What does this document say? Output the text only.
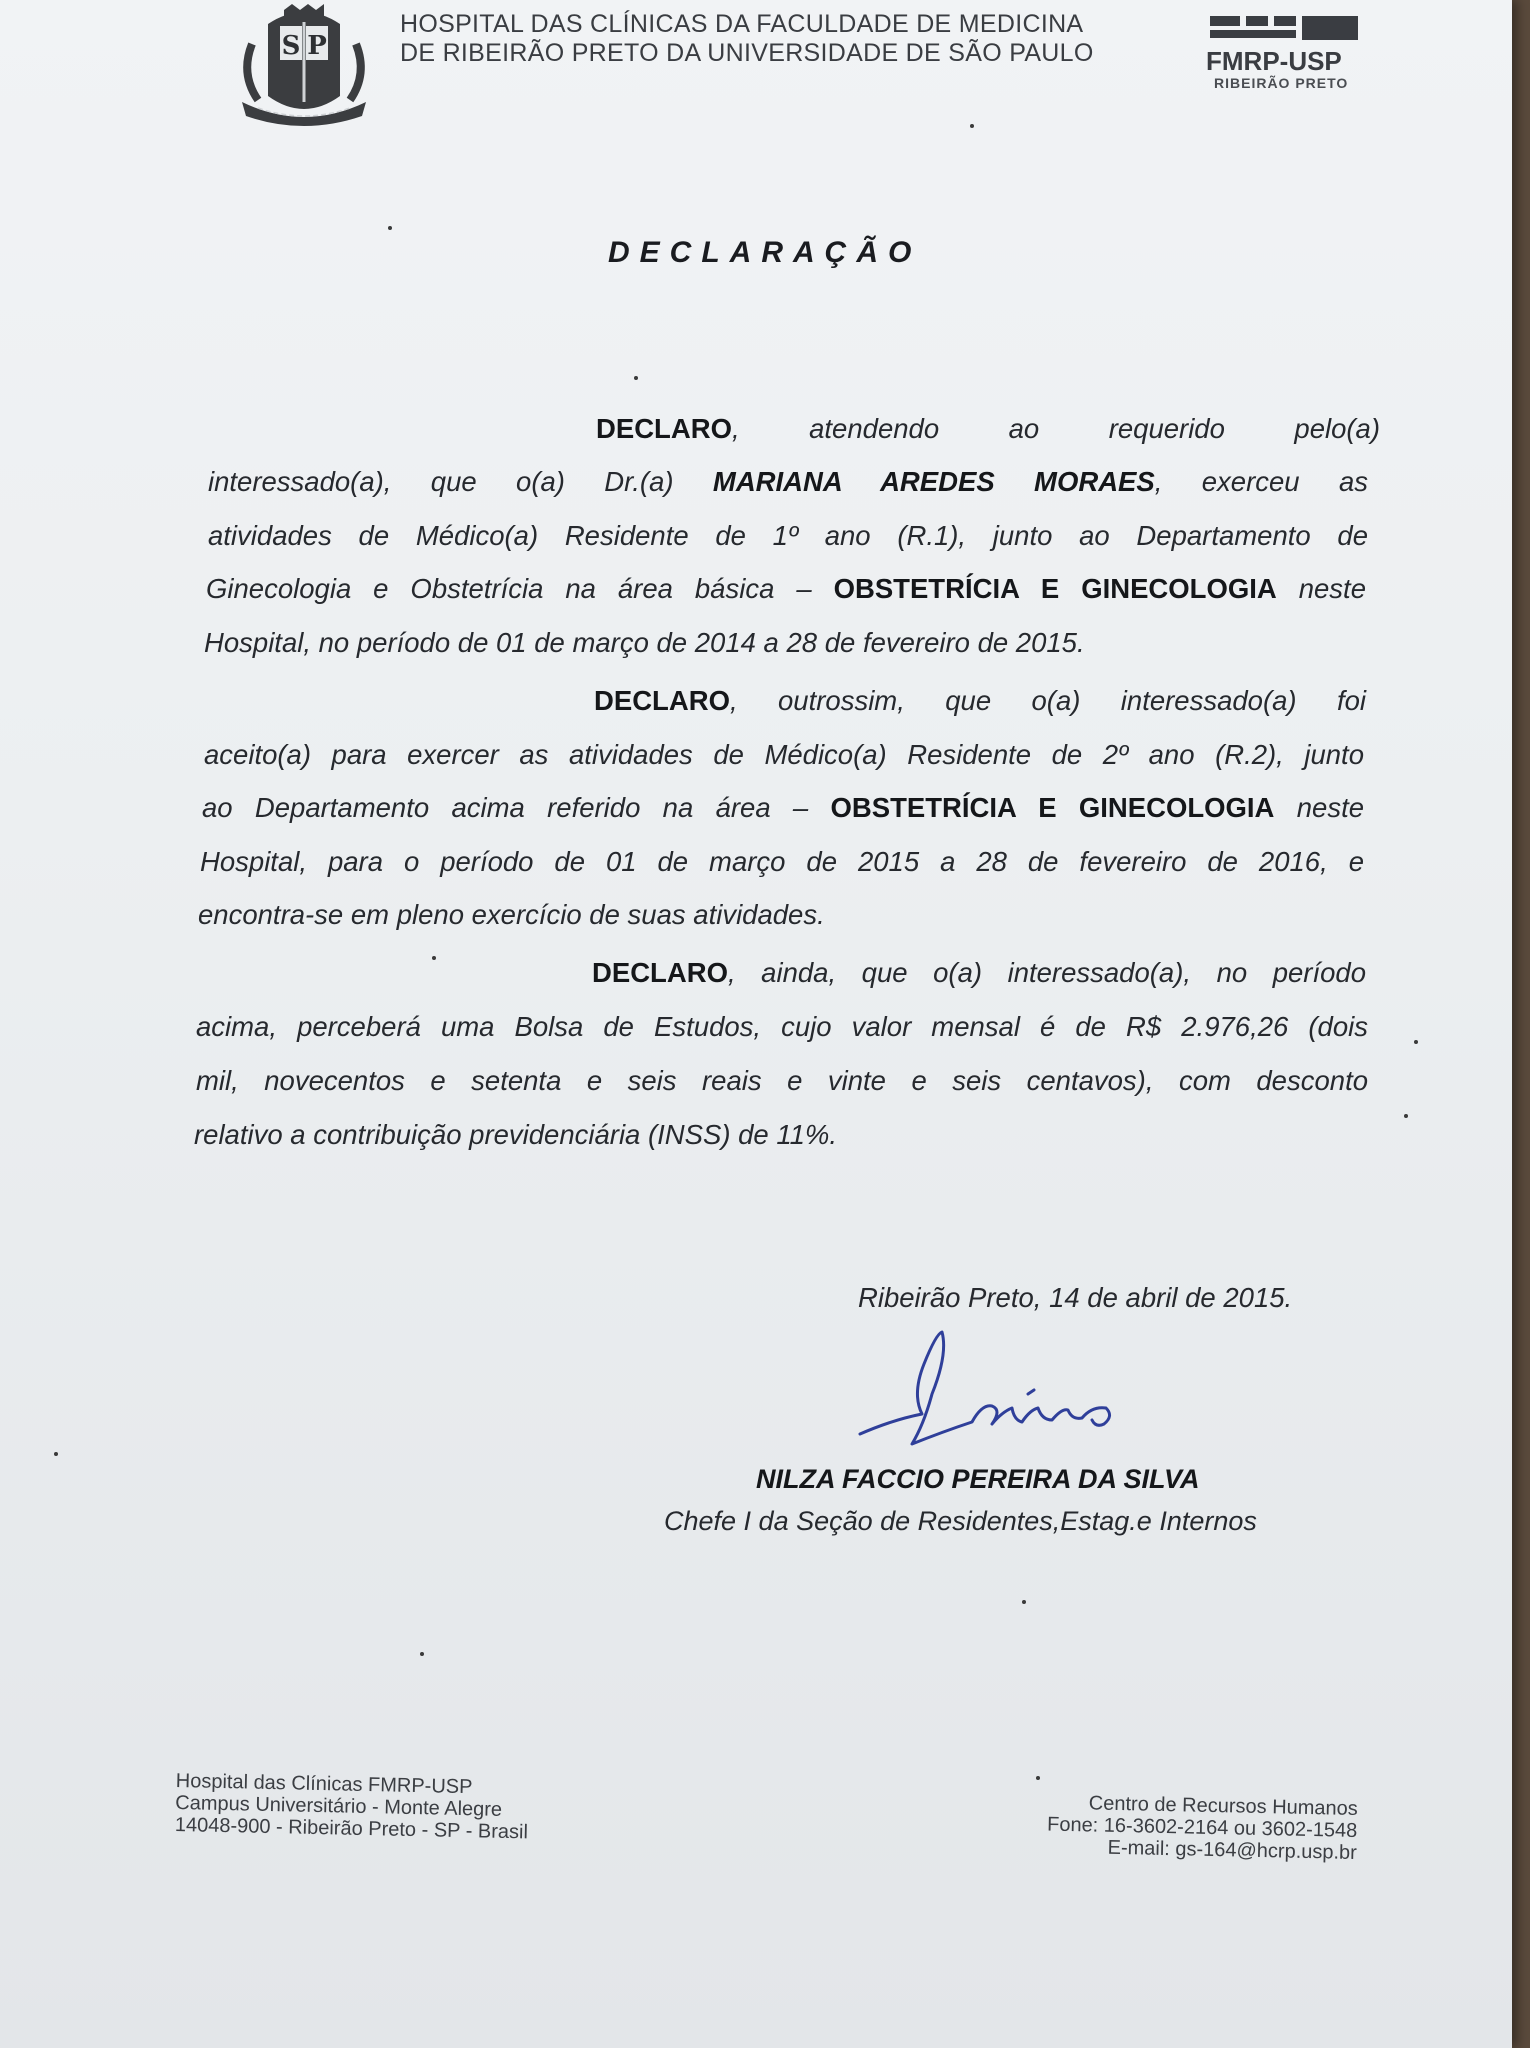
S P
HOSPITAL DAS CLÍNICAS DA FACULDADE DE MEDICINA
DE RIBEIRÃO PRETO DA UNIVERSIDADE DE SÃO PAULO	FMRP-USP
RIBEIRÃO PRETO
DECLARAÇÃO
DECLARO, atendendo ao requerido pelo(a)
interessado(a), que o(a) Dr.(a) MARIANA AREDES MORAES, exerceu as
atividades de Médico(a) Residente de 1º ano (R.1), junto ao Departamento de
Ginecologia e Obstetrícia na área básica – OBSTETRÍCIA E GINECOLOGIA neste
Hospital, no período de 01 de março de 2014 a 28 de fevereiro de 2015.
DECLARO, outrossim, que o(a) interessado(a) foi
aceito(a) para exercer as atividades de Médico(a) Residente de 2º ano (R.2), junto
ao Departamento acima referido na área – OBSTETRÍCIA E GINECOLOGIA neste
Hospital, para o período de 01 de março de 2015 a 28 de fevereiro de 2016, e
encontra-se em pleno exercício de suas atividades.
DECLARO, ainda, que o(a) interessado(a), no período
acima, perceberá uma Bolsa de Estudos, cujo valor mensal é de R$ 2.976,26 (dois
mil, novecentos e setenta e seis reais e vinte e seis centavos), com desconto
relativo a contribuição previdenciária (INSS) de 11%.
Ribeirão Preto, 14 de abril de 2015.
NILZA FACCIO PEREIRA DA SILVA
Chefe I da Seção de Residentes,Estag.e Internos
Hospital das Clínicas FMRP-USP
Campus Universitário - Monte Alegre
14048-900 - Ribeirão Preto - SP - Brasil
Centro de Recursos Humanos
Fone: 16-3602-2164 ou 3602-1548
E-mail: gs-164@hcrp.usp.br
